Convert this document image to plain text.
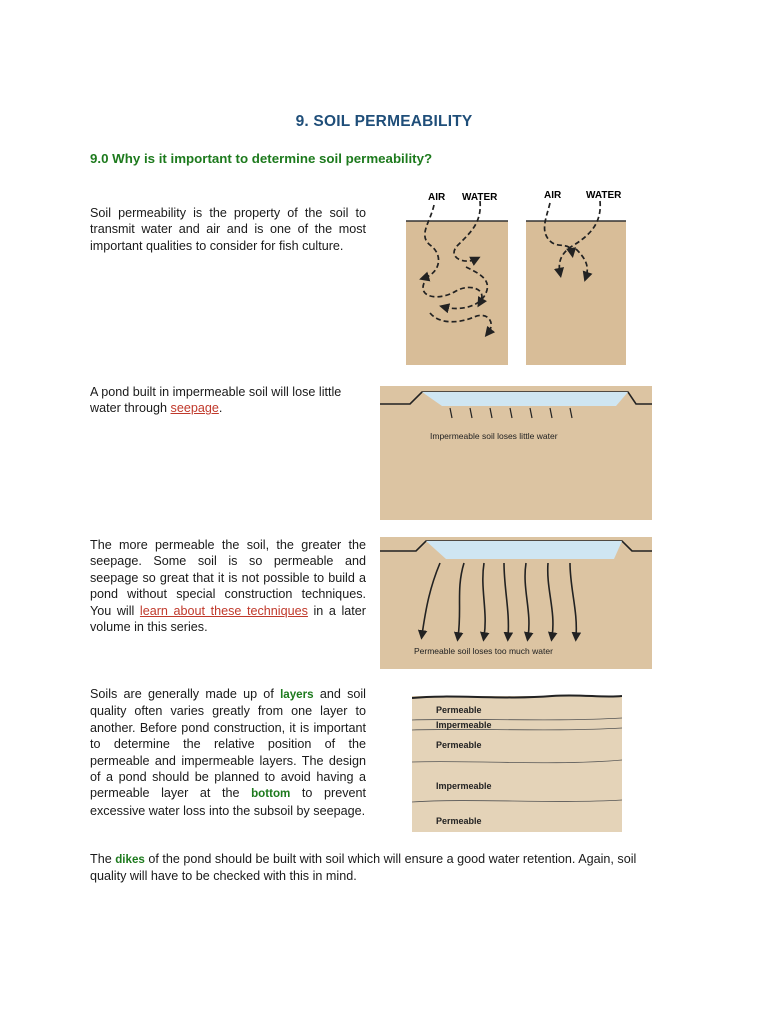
9. SOIL PERMEABILITY
9.0 Why is it important to determine soil permeability?
Soil permeability is the property of the soil to transmit water and air and is one of the most important qualities to consider for fish culture.
A pond built in impermeable soil will lose little water through seepage.
The more permeable the soil, the greater the seepage. Some soil is so permeable and seepage so great that it is not possible to build a pond without special construction techniques. You will learn about these techniques in a later volume in this series.
Soils are generally made up of layers and soil quality often varies greatly from one layer to another. Before pond construction, it is important to determine the relative position of the permeable and impermeable layers. The design of a pond should be planned to avoid having a permeable layer at the bottom to prevent excessive water loss into the subsoil by seepage.
The dikes of the pond should be built with soil which will ensure a good water retention. Again, soil quality will have to be checked with this in mind.
AIR WATER	AIR WATER
Impermeable soil loses little water
Permeable soil loses too much water
Permeable
Impermeable
Permeable
Impermeable
Permeable
